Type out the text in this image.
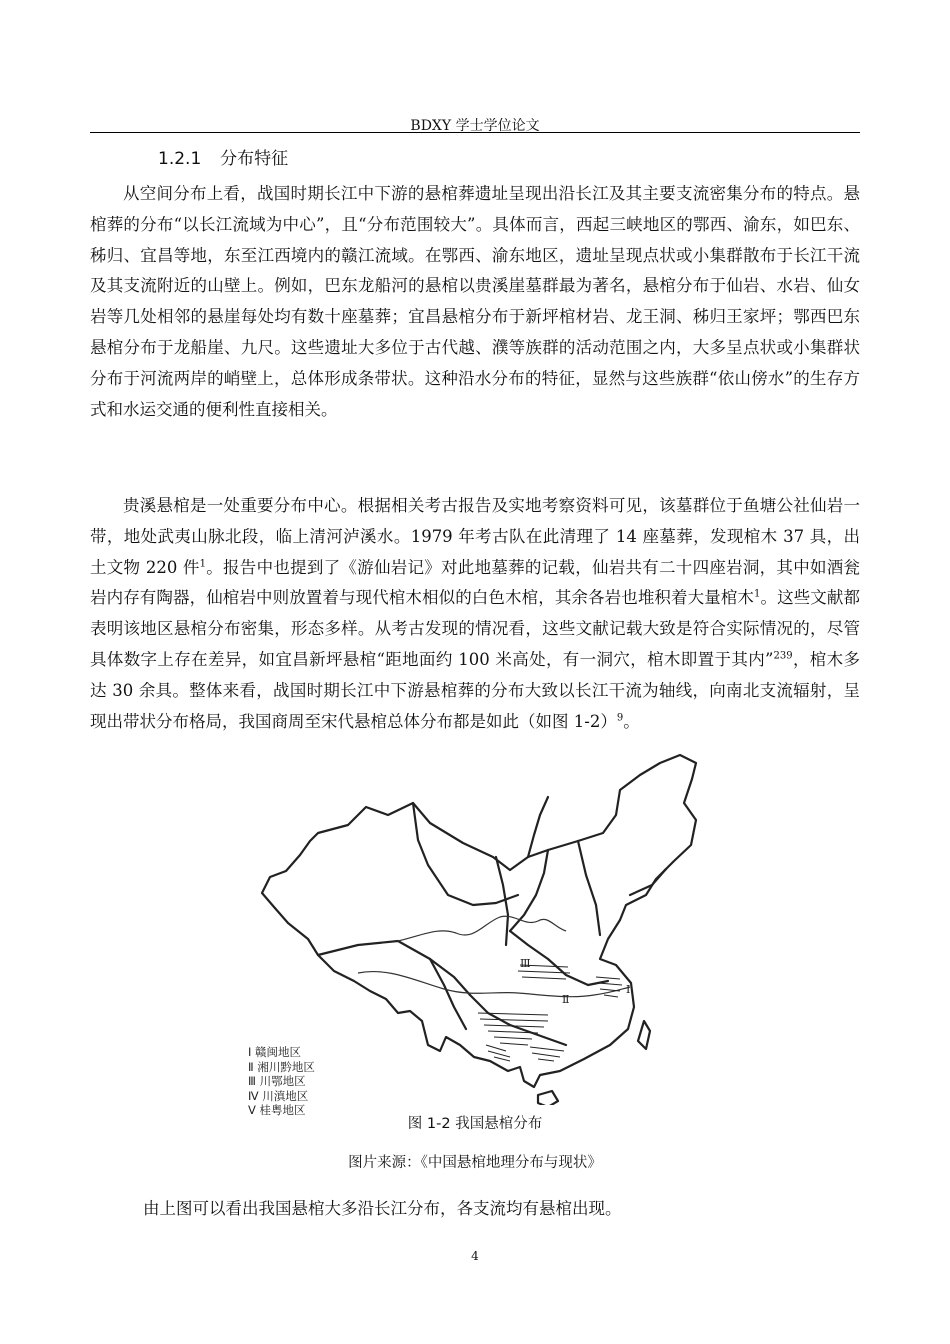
BDXY 学士学位论文
1.2.1 分布特征

从空间分布上看，战国时期长江中下游的悬棺葬遗址呈现出沿长江及其主要支流密集分布的特点。悬棺葬的分布“以长江流域为中心”，且“分布范围较大”。具体而言，西起三峡地区的鄂西、渝东，如巴东、秭归、宜昌等地，东至江西境内的赣江流域。在鄂西、渝东地区，遗址呈现点状或小集群散布于长江干流及其支流附近的山壁上。例如，巴东龙船河的悬棺以贵溪崖墓群最为著名，悬棺分布于仙岩、水岩、仙女岩等几处相邻的悬崖每处均有数十座墓葬；宜昌悬棺分布于新坪棺材岩、龙王洞、秭归王家坪；鄂西巴东悬棺分布于龙船崖、九尺。这些遗址大多位于古代越、濮等族群的活动范围之内，大多呈点状或小集群状分布于河流两岸的峭壁上，总体形成条带状。这种沿水分布的特征，显然与这些族群“依山傍水”的生存方式和水运交通的便利性直接相关。

贵溪悬棺是一处重要分布中心。根据相关考古报告及实地考察资料可见，该墓群位于鱼塘公社仙岩一带，地处武夷山脉北段，临上清河泸溪水。1979 年考古队在此清理了 14 座墓葬，发现棺木 37 具，出土文物 220 件$^1$。报告中也提到了《游仙岩记》对此地墓葬的记载，仙岩共有二十四座岩洞，其中如酒瓮岩内存有陶器，仙棺岩中则放置着与现代棺木相似的白色木棺，其余各岩也堆积着大量棺木$^1$。这些文献都表明该地区悬棺分布密集，形态多样。从考古发现的情况看，这些文献记载大致是符合实际情况的，尽管具体数字上存在差异，如宜昌新坪悬棺“距地面约 100 米高处，有一洞穴，棺木即置于其内”$^{239}$，棺木多达 30 余具。整体来看，战国时期长江中下游悬棺葬的分布大致以长江干流为轴线，向南北支流辐射，呈现出带状分布格局，我国商周至宋代悬棺总体分布都是如此（如图 1-2）$^9$。

Ⅲ
Ⅱ
Ⅰ
Ⅰ 赣闽地区
Ⅱ 湘川黔地区
Ⅲ 川鄂地区
Ⅳ 川滇地区
Ⅴ 桂粤地区
图 1-2 我国悬棺分布
图片来源：《中国悬棺地理分布与现状》
由上图可以看出我国悬棺大多沿长江分布，各支流均有悬棺出现。
4
